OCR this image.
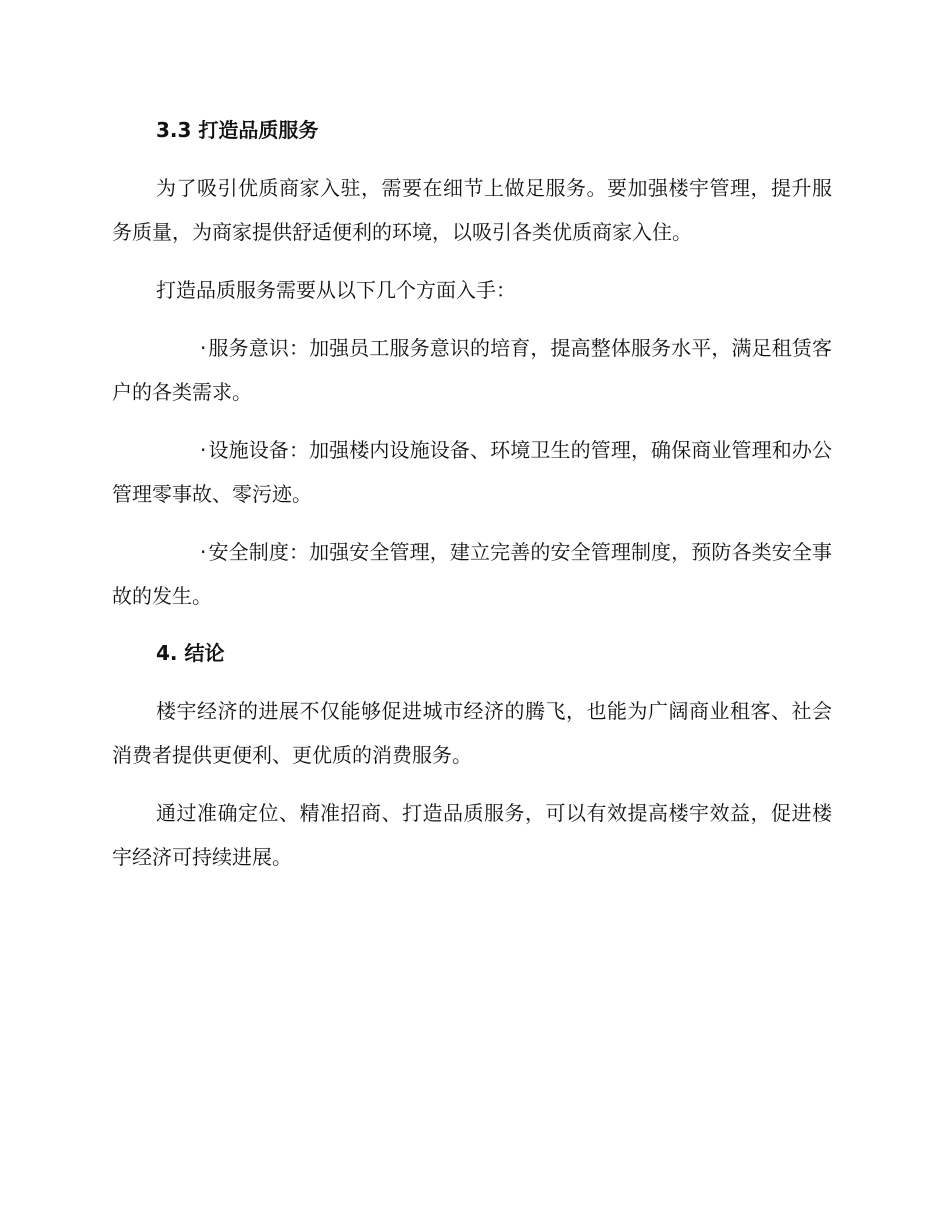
3.3 打造品质服务

为了吸引优质商家入驻，需要在细节上做足服务。要加强楼宇管理，提升服务质量，为商家提供舒适便利的环境，以吸引各类优质商家入住。

打造品质服务需要从以下几个方面入手：

· 服务意识：加强员工服务意识的培育，提高整体服务水平，满足租赁客户的各类需求。

· 设施设备：加强楼内设施设备、环境卫生的管理，确保商业管理和办公管理零事故、零污迹。

· 安全制度：加强安全管理，建立完善的安全管理制度，预防各类安全事故的发生。

4. 结论

楼宇经济的进展不仅能够促进城市经济的腾飞，也能为广阔商业租客、社会消费者提供更便利、更优质的消费服务。

通过准确定位、精准招商、打造品质服务，可以有效提高楼宇效益，促进楼宇经济可持续进展。
